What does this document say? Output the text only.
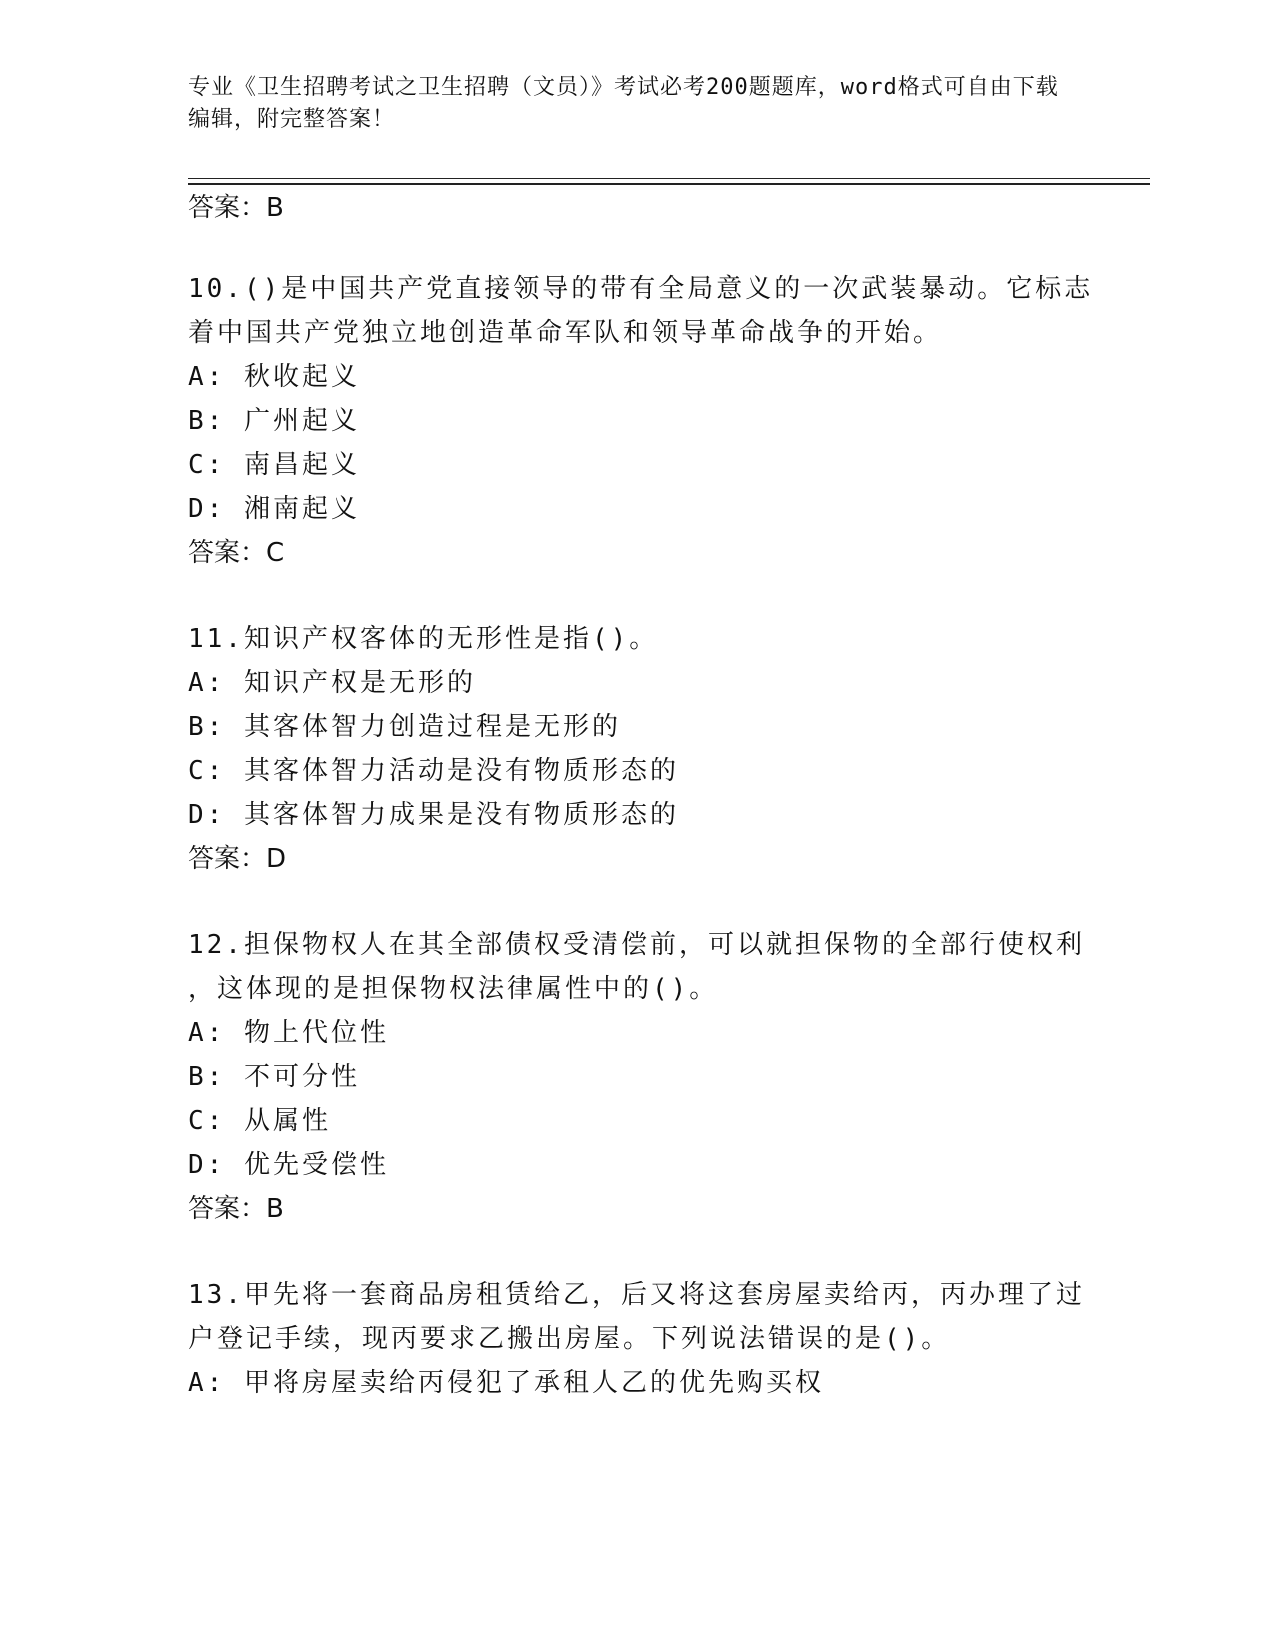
专业《卫生招聘考试之卫生招聘（文员）》考试必考200题题库，word格式可自由下载编辑，附完整答案！
答案：B
10.()是中国共产党直接领导的带有全局意义的一次武装暴动。它标志
着中国共产党独立地创造革命军队和领导革命战争的开始。
A: 秋收起义
B: 广州起义
C: 南昌起义
D: 湘南起义
答案：C
11.知识产权客体的无形性是指()。
A: 知识产权是无形的
B: 其客体智力创造过程是无形的
C: 其客体智力活动是没有物质形态的
D: 其客体智力成果是没有物质形态的
答案：D
12.担保物权人在其全部债权受清偿前，可以就担保物的全部行使权利
，这体现的是担保物权法律属性中的()。
A: 物上代位性
B: 不可分性
C: 从属性
D: 优先受偿性
答案：B
13.甲先将一套商品房租赁给乙，后又将这套房屋卖给丙，丙办理了过
户登记手续，现丙要求乙搬出房屋。下列说法错误的是()。
A: 甲将房屋卖给丙侵犯了承租人乙的优先购买权
